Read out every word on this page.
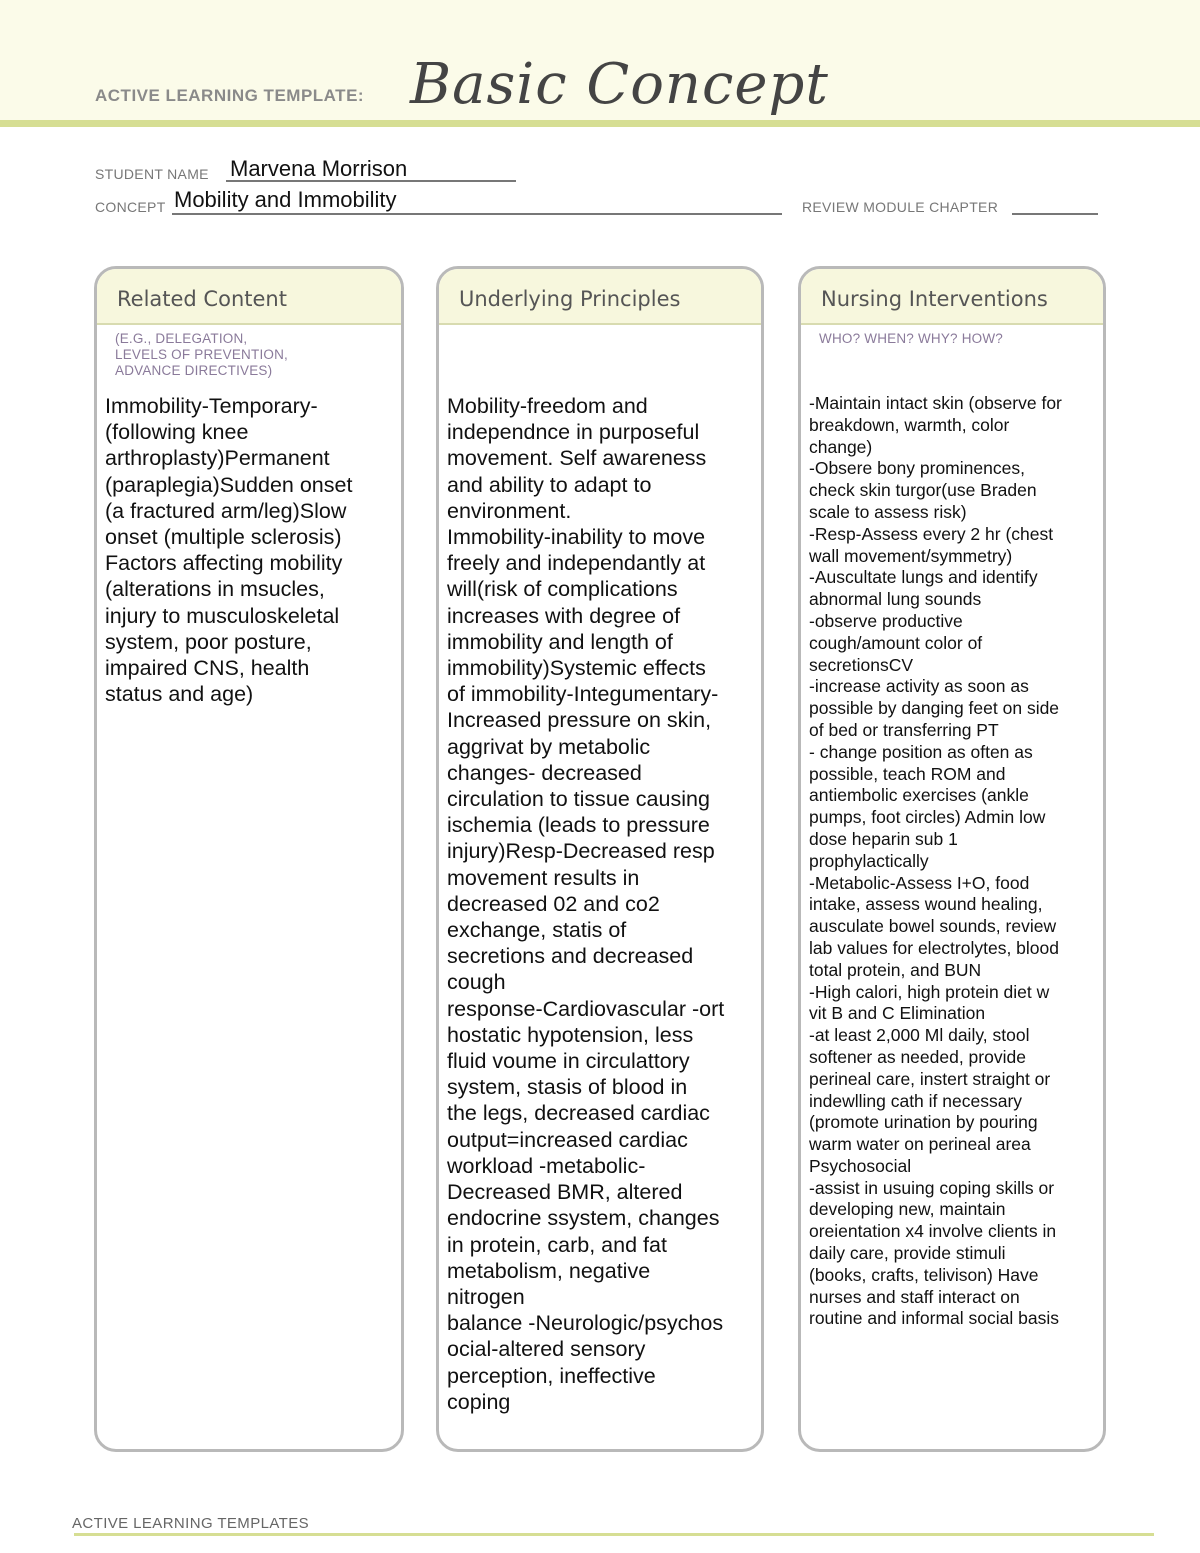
ACTIVE LEARNING TEMPLATE: Basic Concept
STUDENT NAME Marvena Morrison
CONCEPT Mobility and Immobility	REVIEW MODULE CHAPTER
Related Content
(E.G., DELEGATION,
LEVELS OF PREVENTION,
ADVANCE DIRECTIVES)
Immobility-Temporary-
(following knee
arthroplasty)Permanent
(paraplegia)Sudden onset
(a fractured arm/leg)Slow
onset (multiple sclerosis)
Factors affecting mobility
(alterations in msucles,
injury to musculoskeletal
system, poor posture,
impaired CNS, health
status and age)
Underlying Principles
Mobility-freedom and
independnce in purposeful
movement. Self awareness
and ability to adapt to
environment.
Immobility-inability to move
freely and independantly at
will(risk of complications
increases with degree of
immobility and length of
immobility)Systemic effects
of immobility-Integumentary-
Increased pressure on skin,
aggrivat by metabolic
changes- decreased
circulation to tissue causing
ischemia (leads to pressure
injury)Resp-Decreased resp
movement results in
decreased 02 and co2
exchange, statis of
secretions and decreased
cough
response-Cardiovascular -ort
hostatic hypotension, less
fluid voume in circulattory
system, stasis of blood in
the legs, decreased cardiac
output=increased cardiac
workload -metabolic-
Decreased BMR, altered
endocrine ssystem, changes
in protein, carb, and fat
metabolism, negative
nitrogen
balance -Neurologic/psychos
ocial-altered sensory
perception, ineffective
coping
Nursing Interventions
WHO? WHEN? WHY? HOW?
-Maintain intact skin (observe for
breakdown, warmth, color
change)
-Obsere bony prominences,
check skin turgor(use Braden
scale to assess risk)
-Resp-Assess every 2 hr (chest
wall movement/symmetry)
-Auscultate lungs and identify
abnormal lung sounds
-observe productive
cough/amount color of
secretionsCV
-increase activity as soon as
possible by danging feet on side
of bed or transferring PT
- change position as often as
possible, teach ROM and
antiembolic exercises (ankle
pumps, foot circles) Admin low
dose heparin sub 1
prophylactically
-Metabolic-Assess I+O, food
intake, assess wound healing,
ausculate bowel sounds, review
lab values for electrolytes, blood
total protein, and BUN
-High calori, high protein diet w
vit B and C Elimination
-at least 2,000 Ml daily, stool
softener as needed, provide
perineal care, instert straight or
indewlling cath if necessary
(promote urination by pouring
warm water on perineal area
Psychosocial
-assist in usuing coping skills or
developing new, maintain
oreientation x4 involve clients in
daily care, provide stimuli
(books, crafts, telivison) Have
nurses and staff interact on
routine and informal social basis
ACTIVE LEARNING TEMPLATES
